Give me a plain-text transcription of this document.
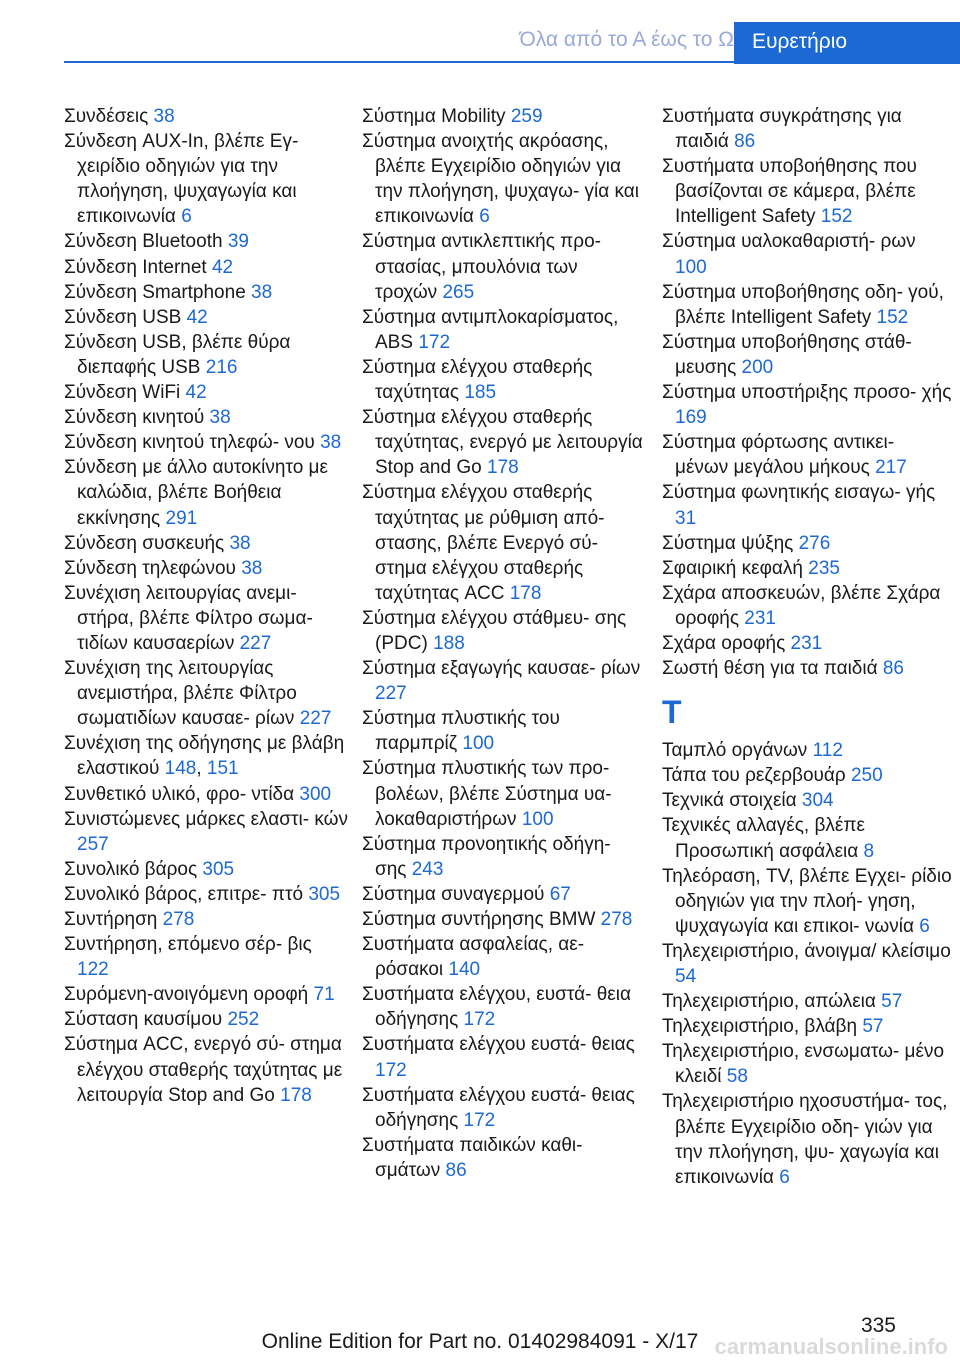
Όλα από το Α έως το Ω Ευρετήριο
Συνδέσεις 38
Σύνδεση AUX-In, βλέπε Εγ‐ χειρίδιο οδηγιών για την πλοήγηση, ψυχαγωγία και επικοινωνία 6
Σύνδεση Bluetooth 39
Σύνδεση Internet 42
Σύνδεση Smartphone 38
Σύνδεση USB 42
Σύνδεση USB, βλέπε θύρα διεπαφής USB 216
Σύνδεση WiFi 42
Σύνδεση κινητού 38
Σύνδεση κινητού τηλεφώ‐ νου 38
Σύνδεση με άλλο αυτοκίνητο με καλώδια, βλέπε Βοήθεια εκκίνησης 291
Σύνδεση συσκευής 38
Σύνδεση τηλεφώνου 38
Συνέχιση λειτουργίας ανεμι‐ στήρα, βλέπε Φίλτρο σωμα‐ τιδίων καυσαερίων 227
Συνέχιση της λειτουργίας ανεμιστήρα, βλέπε Φίλτρο σωματιδίων καυσαε‐ ρίων 227
Συνέχιση της οδήγησης με βλάβη ελαστικού 148, 151
Συνθετικό υλικό, φρο‐ ντίδα 300
Συνιστώμενες μάρκες ελαστι‐ κών 257
Συνολικό βάρος 305
Συνολικό βάρος, επιτρε‐ πτό 305
Συντήρηση 278
Συντήρηση, επόμενο σέρ‐ βις 122
Συρόμενη-ανοιγόμενη οροφή 71
Σύσταση καυσίμου 252
Σύστημα ACC, ενεργό σύ‐ στημα ελέγχου σταθερής ταχύτητας με λειτουργία Stop and Go 178
Σύστημα Mobility 259
Σύστημα ανοιχτής ακρόασης, βλέπε Εγχειρίδιο οδηγιών για την πλοήγηση, ψυχαγω‐ γία και επικοινωνία 6
Σύστημα αντικλεπτικής προ‐ στασίας, μπουλόνια των τροχών 265
Σύστημα αντιμπλοκαρίσματος, ABS 172
Σύστημα ελέγχου σταθερής ταχύτητας 185
Σύστημα ελέγχου σταθερής ταχύτητας, ενεργό με λειτουργία Stop and Go 178
Σύστημα ελέγχου σταθερής ταχύτητας με ρύθμιση από‐ στασης, βλέπε Ενεργό σύ‐ στημα ελέγχου σταθερής ταχύτητας ACC 178
Σύστημα ελέγχου στάθμευ‐ σης (PDC) 188
Σύστημα εξαγωγής καυσαε‐ ρίων 227
Σύστημα πλυστικής του παρμπρίζ 100
Σύστημα πλυστικής των προ‐ βολέων, βλέπε Σύστημα υα‐ λοκαθαριστήρων 100
Σύστημα προνοητικής οδήγη‐ σης 243
Σύστημα συναγερμού 67
Σύστημα συντήρησης BMW 278
Συστήματα ασφαλείας, αε‐ ρόσακοι 140
Συστήματα ελέγχου, ευστά‐ θεια οδήγησης 172
Συστήματα ελέγχου ευστά‐ θειας 172
Συστήματα ελέγχου ευστά‐ θειας οδήγησης 172
Συστήματα παιδικών καθι‐ σμάτων 86
Συστήματα συγκράτησης για παιδιά 86
Συστήματα υποβοήθησης που βασίζονται σε κάμερα, βλέπε Intelligent Safety 152
Σύστημα υαλοκαθαριστή‐ ρων 100
Σύστημα υποβοήθησης οδη‐ γού, βλέπε Intelligent Safety 152
Σύστημα υποβοήθησης στάθ‐ μευσης 200
Σύστημα υποστήριξης προσο‐ χής 169
Σύστημα φόρτωσης αντικει‐ μένων μεγάλου μήκους 217
Σύστημα φωνητικής εισαγω‐ γής 31
Σύστημα ψύξης 276
Σφαιρική κεφαλή 235
Σχάρα αποσκευών, βλέπε Σχάρα οροφής 231
Σχάρα οροφής 231
Σωστή θέση για τα παιδιά 86
T
Ταμπλό οργάνων 112
Τάπα του ρεζερβουάρ 250
Τεχνικά στοιχεία 304
Τεχνικές αλλαγές, βλέπε Προσωπική ασφάλεια 8
Τηλεόραση, TV, βλέπε Εγχει‐ ρίδιο οδηγιών για την πλοή‐ γηση, ψυχαγωγία και επικοι‐ νωνία 6
Τηλεχειριστήριο, άνοιγμα/ κλείσιμο 54
Τηλεχειριστήριο, απώλεια 57
Τηλεχειριστήριο, βλάβη 57
Τηλεχειριστήριο, ενσωματω‐ μένο κλειδί 58
Τηλεχειριστήριο ηχοσυστήμα‐ τος, βλέπε Εγχειρίδιο οδη‐ γιών για την πλοήγηση, ψυ‐ χαγωγία και επικοινωνία 6
335
Online Edition for Part no. 01402984091 - X/17 carmanualsonline.info
